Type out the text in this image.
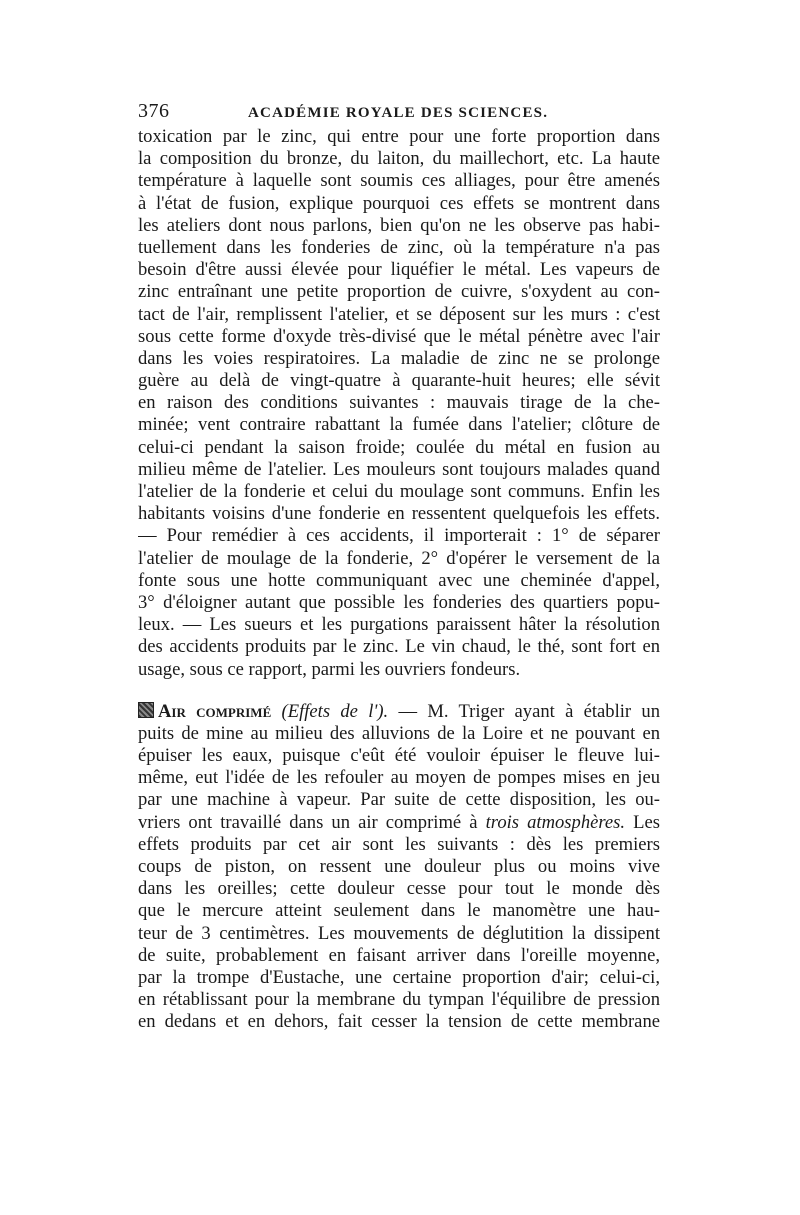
376	ACADÉMIE ROYALE DES SCIENCES.
toxication par le zinc, qui entre pour une forte proportion dans
la composition du bronze, du laiton, du maillechort, etc. La haute
température à laquelle sont soumis ces alliages, pour être amenés
à l'état de fusion, explique pourquoi ces effets se montrent dans
les ateliers dont nous parlons, bien qu'on ne les observe pas habi-
tuellement dans les fonderies de zinc, où la température n'a pas
besoin d'être aussi élevée pour liquéfier le métal. Les vapeurs de
zinc entraînant une petite proportion de cuivre, s'oxydent au con-
tact de l'air, remplissent l'atelier, et se déposent sur les murs : c'est
sous cette forme d'oxyde très-divisé que le métal pénètre avec l'air
dans les voies respiratoires. La maladie de zinc ne se prolonge
guère au delà de vingt-quatre à quarante-huit heures; elle sévit
en raison des conditions suivantes : mauvais tirage de la che-
minée; vent contraire rabattant la fumée dans l'atelier; clôture de
celui-ci pendant la saison froide; coulée du métal en fusion au
milieu même de l'atelier. Les mouleurs sont toujours malades quand
l'atelier de la fonderie et celui du moulage sont communs. Enfin les
habitants voisins d'une fonderie en ressentent quelquefois les effets.
— Pour remédier à ces accidents, il importerait : 1° de séparer
l'atelier de moulage de la fonderie, 2° d'opérer le versement de la
fonte sous une hotte communiquant avec une cheminée d'appel,
3° d'éloigner autant que possible les fonderies des quartiers popu-
leux. — Les sueurs et les purgations paraissent hâter la résolution
des accidents produits par le zinc. Le vin chaud, le thé, sont fort en
usage, sous ce rapport, parmi les ouvriers fondeurs.
Air comprimé (Effets de l'). — M. Triger ayant à établir un
puits de mine au milieu des alluvions de la Loire et ne pouvant en
épuiser les eaux, puisque c'eût été vouloir épuiser le fleuve lui-
même, eut l'idée de les refouler au moyen de pompes mises en jeu
par une machine à vapeur. Par suite de cette disposition, les ou-
vriers ont travaillé dans un air comprimé à trois atmosphères. Les
effets produits par cet air sont les suivants : dès les premiers
coups de piston, on ressent une douleur plus ou moins vive
dans les oreilles; cette douleur cesse pour tout le monde dès
que le mercure atteint seulement dans le manomètre une hau-
teur de 3 centimètres. Les mouvements de déglutition la dissipent
de suite, probablement en faisant arriver dans l'oreille moyenne,
par la trompe d'Eustache, une certaine proportion d'air; celui-ci,
en rétablissant pour la membrane du tympan l'équilibre de pression
en dedans et en dehors, fait cesser la tension de cette membrane
